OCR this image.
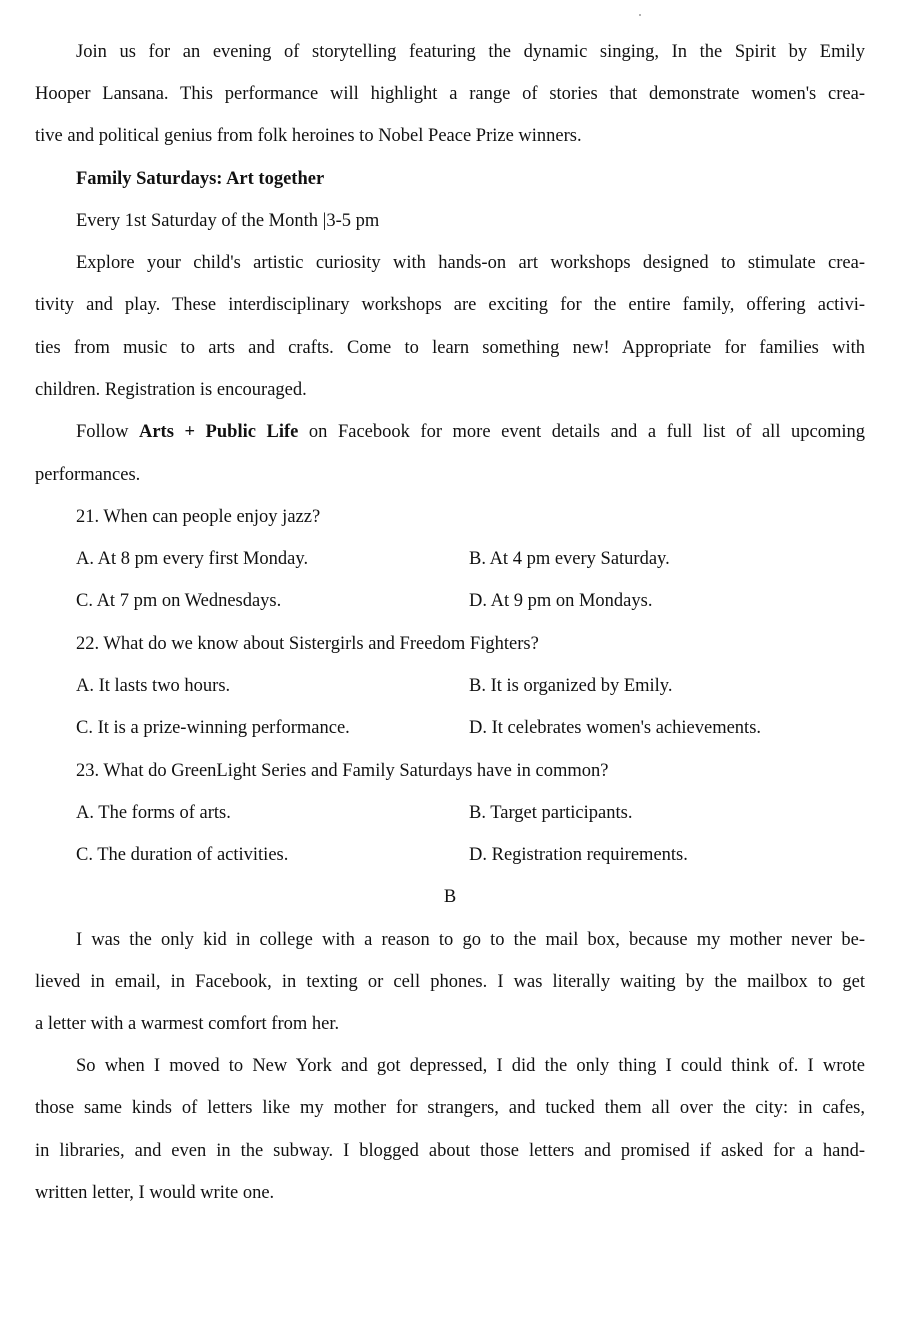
Join us for an evening of storytelling featuring the dynamic singing, In the Spirit by Emily
Hooper Lansana. This performance will highlight a range of stories that demonstrate women's crea-
tive and political genius from folk heroines to Nobel Peace Prize winners.
Family Saturdays: Art together
Every 1st Saturday of the Month |3-5 pm
Explore your child's artistic curiosity with hands-on art workshops designed to stimulate crea-
tivity and play. These interdisciplinary workshops are exciting for the entire family, offering activi-
ties from music to arts and crafts. Come to learn something new! Appropriate for families with
children. Registration is encouraged.
Follow Arts + Public Life on Facebook for more event details and a full list of all upcoming
performances.
21. When can people enjoy jazz?
A. At 8 pm every first Monday.	B. At 4 pm every Saturday.
C. At 7 pm on Wednesdays.	D. At 9 pm on Mondays.
22. What do we know about Sistergirls and Freedom Fighters?
A. It lasts two hours.	B. It is organized by Emily.
C. It is a prize-winning performance.	D. It celebrates women's achievements.
23. What do GreenLight Series and Family Saturdays have in common?
A. The forms of arts.	B. Target participants.
C. The duration of activities.	D. Registration requirements.
B
I was the only kid in college with a reason to go to the mail box, because my mother never be-
lieved in email, in Facebook, in texting or cell phones. I was literally waiting by the mailbox to get
a letter with a warmest comfort from her.
So when I moved to New York and got depressed, I did the only thing I could think of. I wrote
those same kinds of letters like my mother for strangers, and tucked them all over the city: in cafes,
in libraries, and even in the subway. I blogged about those letters and promised if asked for a hand-
written letter, I would write one.
